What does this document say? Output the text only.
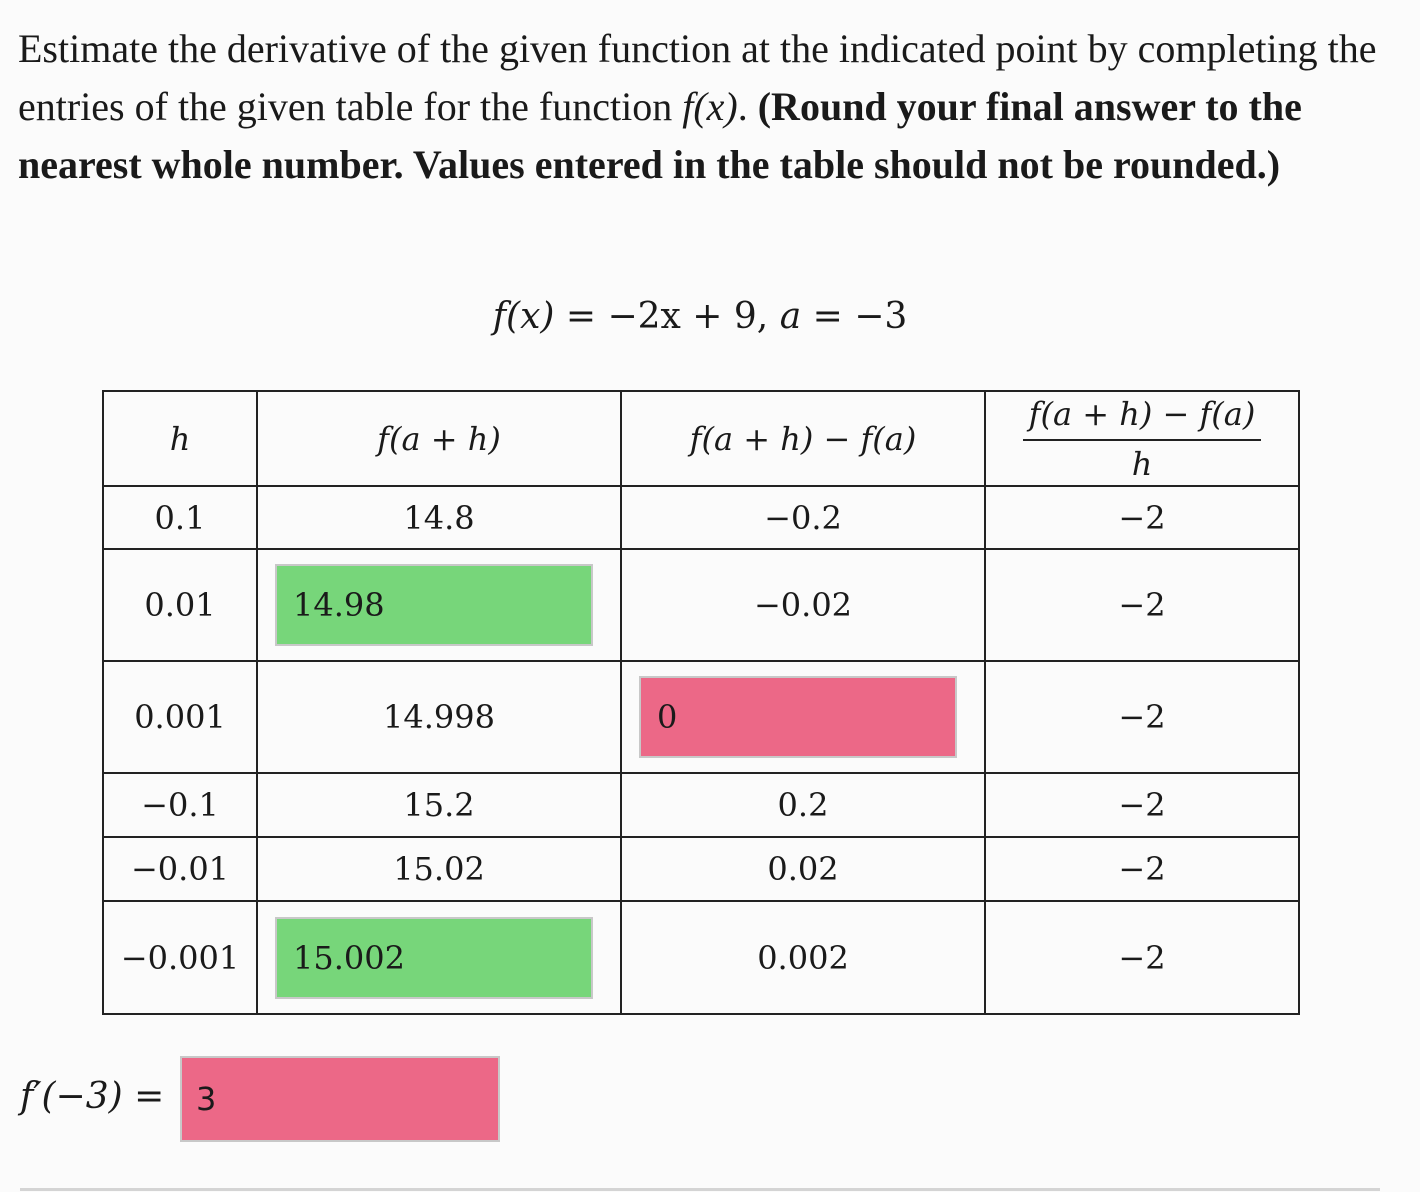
Estimate the derivative of the given function at the indicated point by completing the entries of the given table for the function f(x). (Round your final answer to the nearest whole number. Values entered in the table should not be rounded.)
f(x) = −2x + 9, a = −3
h	f(a + h)	f(a + h) − f(a)	$\frac{f(a + h) - f(a)}{h}$

0.1	14.8	−0.2	−2
0.01	14.98	−0.02	−2
0.001	14.998	0	−2
−0.1	15.2	0.2	−2
−0.01	15.02	0.02	−2
−0.001	15.002	0.002	−2
f′(−3) = 3
